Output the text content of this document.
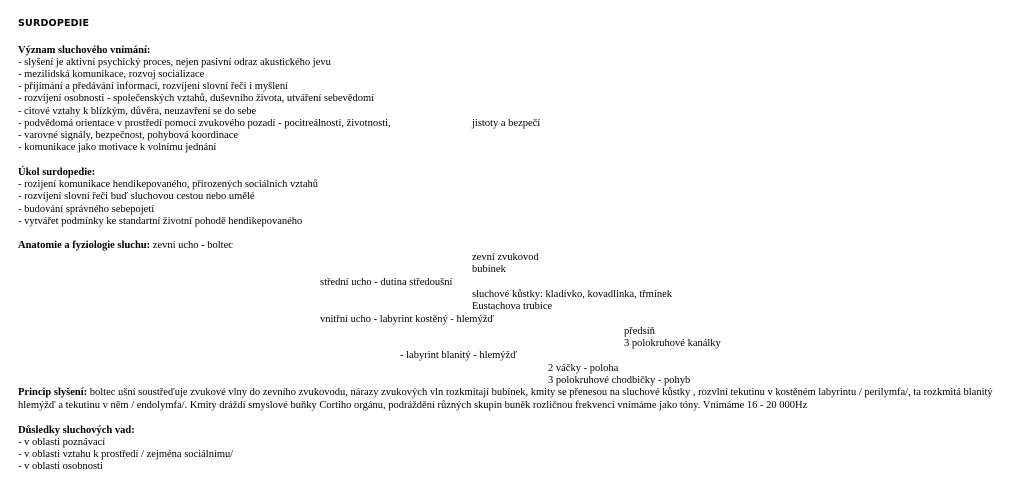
SURDOPEDIE
Význam sluchového vnímání:
- slyšení je aktivní psychický proces, nejen pasivní odraz akustického jevu
- mezilidská komunikace, rozvoj socializace
- přijímání a předávání informací, rozvíjení slovní řeči i myšlení
- rozvíjení osobnosti - společenských vztahů, duševního života, utváření sebevědomí
- citové vztahy k blízkým, důvěra, neuzavření se do sebe
- podvědomá orientace v prostředí pomocí zvukového pozadí - pocitreálnosti, životnosti,	jistoty a bezpečí
- varovné signály, bezpečnost, pohybová koordinace
- komunikace jako motivace k volnímu jednání
Úkol surdopedie:
- rozijení komunikace hendikepovaného, přirozených sociálních vztahů
- rozvíjení slovní řeči buď sluchovou cestou nebo umělé
- budování správného sebepojetí
- vytvářet podmínky ke standartní životní pohodě hendikepovaného
Anatomie a fyziologie sluchu: zevní ucho - boltec
zevní zvukovod
bubínek
střední ucho - dutina středoušní
sluchové kůstky: kladívko, kovadlinka, třmínek
Eustachova trubice
vnitřní ucho - labyrint kostěný - hlemýžď
předsíň
3 polokruhové kanálky
- labyrint blanitý - hlemýžď
2 váčky - poloha
3 polokruhové chodbičky - pohyb
Princip slyšení: boltec ušní soustřeďuje zvukové vlny do zevního zvukovodu, nárazy zvukových vln rozkmitají bubínek, kmity se přenesou na sluchové kůstky , rozvlní tekutinu v kostěném labyrintu / perilymfa/, ta rozkmitá blanitý hlemýžď a tekutinu v něm / endolymfa/. Kmity dráždí smyslové buňky Cortiho orgánu, podráždění různých skupin buněk rozličnou frekvencí vnímáme jako tóny. Vnímáme 16 - 20 000Hz
Důsledky sluchových vad:
- v oblasti poznávací
- v oblasti vztahu k prostředí / zejména sociálnímu/
- v oblasti osobnosti
